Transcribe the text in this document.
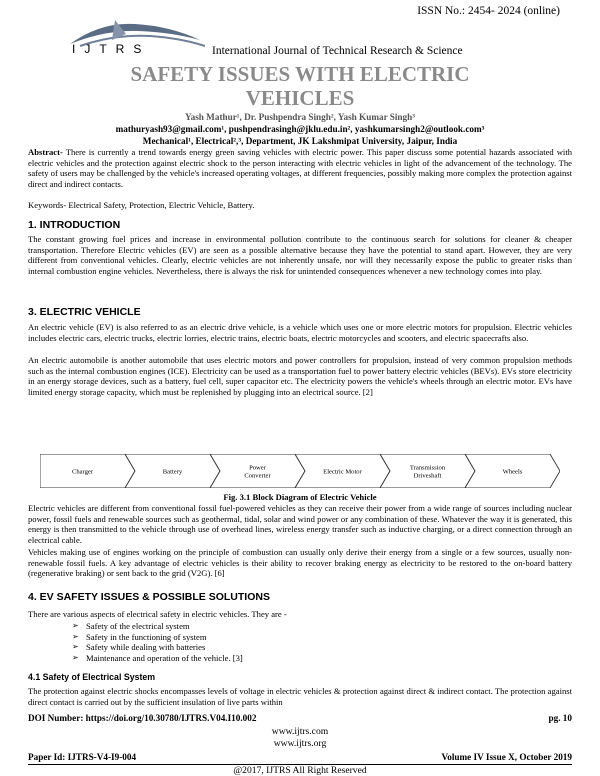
ISSN No.: 2454- 2024 (online)
IJTRS	International Journal of Technical Research & Science
SAFETY ISSUES WITH ELECTRIC VEHICLES
Yash Mathur¹, Dr. Pushpendra Singh², Yash Kumar Singh³
mathuryash93@gmail.com¹, pushpendrasingh@jklu.edu.in², yashkumarsingh2@outlook.com³
Mechanical¹, Electrical²,³, Department, JK Lakshmipat University, Jaipur, India
Abstract- There is currently a trend towards energy green saving vehicles with electric power. This paper discuss some potential hazards associated with electric vehicles and the protection against electric shock to the person interacting with electric vehicles in light of the advancement of the technology. The safety of users may be challenged by the vehicle's increased operating voltages, at different frequencies, possibly making more complex the protection against direct and indirect contacts.
Keywords- Electrical Safety, Protection, Electric Vehicle, Battery.
1. INTRODUCTION
The constant growing fuel prices and increase in environmental pollution contribute to the continuous search for solutions for cleaner & cheaper transportation. Therefore Electric vehicles (EV) are seen as a possible alternative because they have the potential to stand apart. However, they are very different from conventional vehicles. Clearly, electric vehicles are not inherently unsafe, nor will they necessarily expose the public to greater risks than internal combustion engine vehicles. Nevertheless, there is always the risk for unintended consequences whenever a new technology comes into play.
3. ELECTRIC VEHICLE
An electric vehicle (EV) is also referred to as an electric drive vehicle, is a vehicle which uses one or more electric motors for propulsion. Electric vehicles includes electric cars, electric trucks, electric lorries, electric trains, electric boats, electric motorcycles and scooters, and electric spacecrafts also.
An electric automobile is another automobile that uses electric motors and power controllers for propulsion, instead of very common propulsion methods such as the internal combustion engines (ICE). Electricity can be used as a transportation fuel to power battery electric vehicles (BEVs). EVs store electricity in an energy storage devices, such as a battery, fuel cell, super capacitor etc. The electricity powers the vehicle's wheels through an electric motor. EVs have limited energy storage capacity, which must be replenished by plugging into an electrical source. [2]
Charger	Battery
Power Converter
Electric Motor
Transmission Driveshaft
Wheels
Fig. 3.1 Block Diagram of Electric Vehicle
Electric vehicles are different from conventional fossil fuel-powered vehicles as they can receive their power from a wide range of sources including nuclear power, fossil fuels and renewable sources such as geothermal, tidal, solar and wind power or any combination of these. Whatever the way it is generated, this energy is then transmitted to the vehicle through use of overhead lines, wireless energy transfer such as inductive charging, or a direct connection through an electrical cable.
Vehicles making use of engines working on the principle of combustion can usually only derive their energy from a single or a few sources, usually non-renewable fossil fuels. A key advantage of electric vehicles is their ability to recover braking energy as electricity to be restored to the on-board battery (regenerative braking) or sent back to the grid (V2G). [6]
4. EV SAFETY ISSUES & POSSIBLE SOLUTIONS
There are various aspects of electrical safety in electric vehicles. They are -
➢ Safety of the electrical system
➢ Safety in the functioning of system
➢ Safety while dealing with batteries
➢ Maintenance and operation of the vehicle. [3]
4.1 Safety of Electrical System
The protection against electric shocks encompasses levels of voltage in electric vehicles & protection against direct & indirect contact. The protection against direct contact is carried out by the sufficient insulation of live parts within
DOI Number: https://doi.org/10.30780/IJTRS.V04.I10.002	pg. 10
www.ijtrs.com
www.ijtrs.org
Paper Id: IJTRS-V4-I9-004	Volume IV Issue X, October 2019
@2017, IJTRS All Right Reserved
